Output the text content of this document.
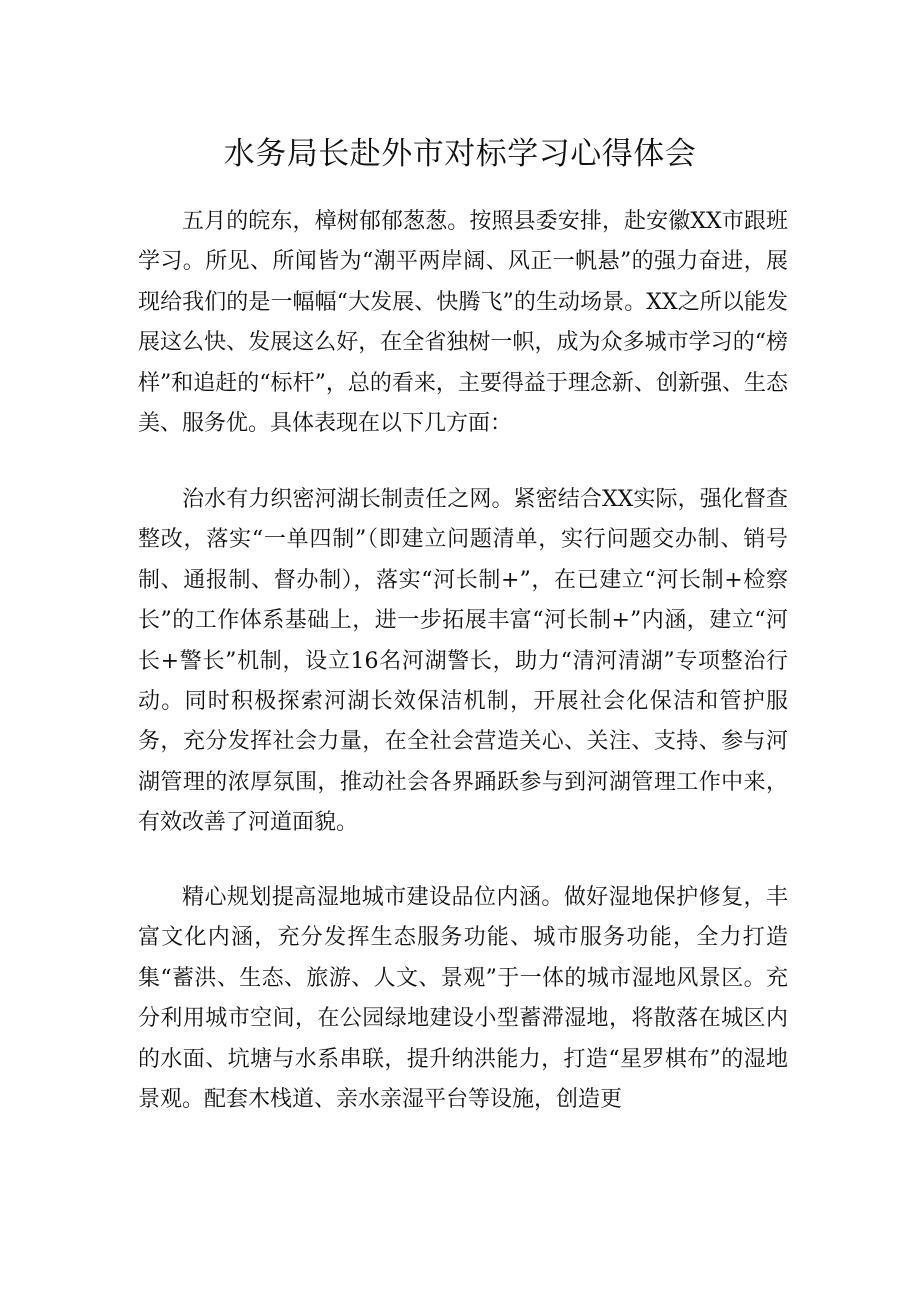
水务局长赴外市对标学习心得体会

五月的皖东，樟树郁郁葱葱。按照县委安排，赴安徽XX市跟班学习。所见、所闻皆为“潮平两岸阔、风正一帆悬”的强力奋进，展现给我们的是一幅幅“大发展、快腾飞”的生动场景。XX之所以能发展这么快、发展这么好，在全省独树一帜，成为众多城市学习的“榜样”和追赶的“标杆”，总的看来，主要得益于理念新、创新强、生态美、服务优。具体表现在以下几方面：

治水有力织密河湖长制责任之网。紧密结合XX实际，强化督查整改，落实“一单四制”（即建立问题清单，实行问题交办制、销号制、通报制、督办制），落实“河长制+”，在已建立“河长制+检察长”的工作体系基础上，进一步拓展丰富“河长制+”内涵，建立“河长+警长”机制，设立16名河湖警长，助力“清河清湖”专项整治行动。同时积极探索河湖长效保洁机制，开展社会化保洁和管护服务，充分发挥社会力量，在全社会营造关心、关注、支持、参与河湖管理的浓厚氛围，推动社会各界踊跃参与到河湖管理工作中来，有效改善了河道面貌。

精心规划提高湿地城市建设品位内涵。做好湿地保护修复，丰富文化内涵，充分发挥生态服务功能、城市服务功能，全力打造集“蓄洪、生态、旅游、人文、景观”于一体的城市湿地风景区。充分利用城市空间，在公园绿地建设小型蓄滞湿地，将散落在城区内的水面、坑塘与水系串联，提升纳洪能力，打造“星罗棋布”的湿地景观。配套木栈道、亲水亲湿平台等设施，创造更
